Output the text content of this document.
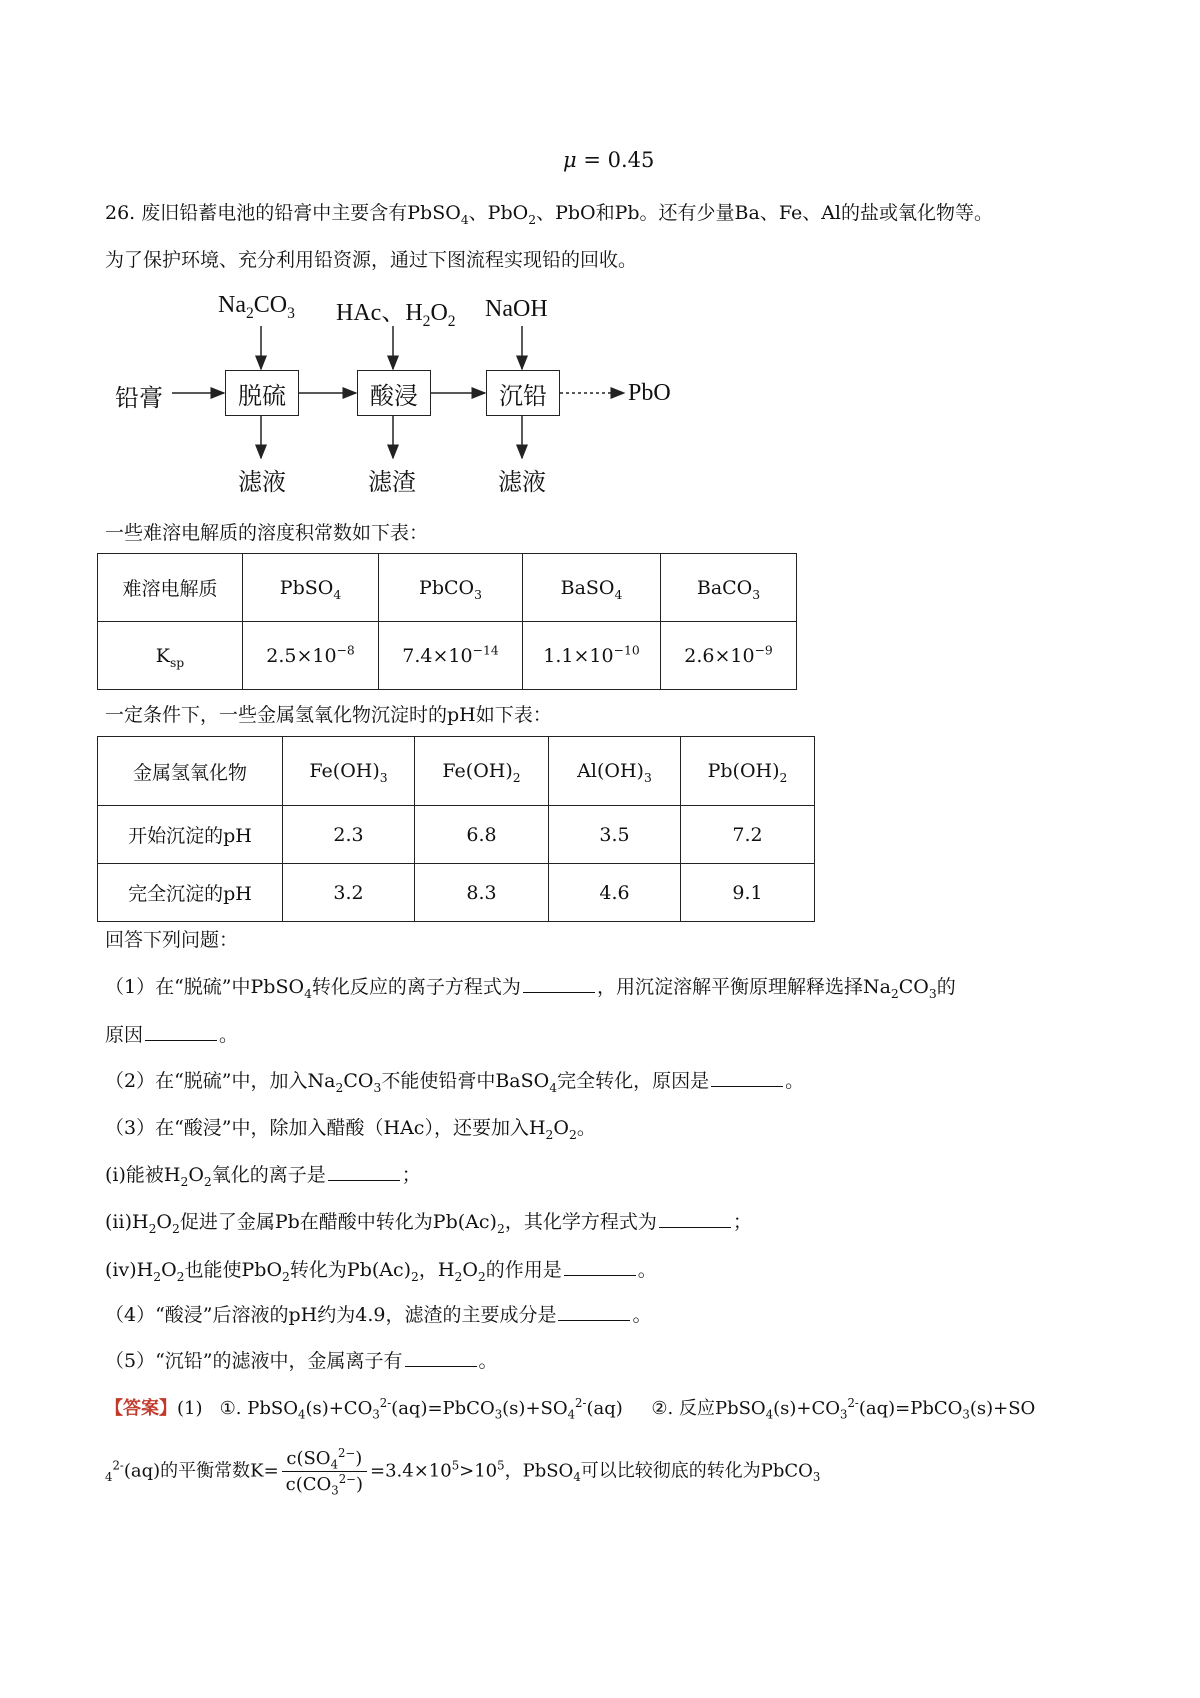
μ = 0.45
26. 废旧铅蓄电池的铅膏中主要含有PbSO$_4$、PbO$_2$、PbO和Pb。还有少量Ba、Fe、Al的盐或氧化物等。
为了保护环境、充分利用铅资源，通过下图流程实现铅的回收。
$Na_2CO_3$ HAc、$H_2O_2$ NaOH
铅膏	脱硫	酸浸	沉铅	PbO
滤液	滤渣	滤液
一些难溶电解质的溶度积常数如下表：
难溶电解质	PbSO$_4$	PbCO$_3$	BaSO$_4$	BaCO$_3$
$K_{sp}$	$2.5\times 10^{-8}$	$7.4\times 10^{-14}$	$1.1\times 10^{-10}$	$2.6\times 10^{-9}$
一定条件下，一些金属氢氧化物沉淀时的pH如下表：
金属氢氧化物	$Fe(OH)_3$	$Fe(OH)_2$	$Al(OH)_3$	$Pb(OH)_2$
开始沉淀的pH	2.3	6.8	3.5	7.2
完全沉淀的pH	3.2	8.3	4.6	9.1
回答下列问题：
（1）在“脱硫”中PbSO$_4$转化反应的离子方程式为	，用沉淀溶解平衡原理解释选择$Na_2CO_3$的
原因	。
（2）在“脱硫”中，加入$Na_2CO_3$不能使铅膏中BaSO$_4$完全转化，原因是	。
（3）在“酸浸”中，除加入醋酸（HAc），还要加入$H_2O_2$。
(ⅰ)能被$H_2O_2$氧化的离子是	；
$(ⅱ)H_2O_2$促进了金属Pb在醋酸中转化为$Pb(Ac)_2$，其化学方程式为	；
$(ⅳ)H_2O_2$也能使PbO$_2$转化为$Pb(Ac)_2$，$H_2O_2$的作用是	。
（4）“酸浸”后溶液的pH约为4.9，滤渣的主要成分是	。
（5）“沉铅”的滤液中，金属离子有	。
【答案】(1) ①. $PbSO_4(s)+CO_3^{2-}(aq)=PbCO_3(s)+SO_4^{2-}(aq)$ ②. 反应$PbSO_4(s)+CO_3^{2-}(aq)=PbCO_3(s)+SO$
$_4^{2-}$(aq)的平衡常数$K= \frac{c(SO_4^{2-})}{c(CO_3^{2-})} =3.4\times 10^5>10^5$，PbSO$_4$可以比较彻底的转化为PbCO$_3$
